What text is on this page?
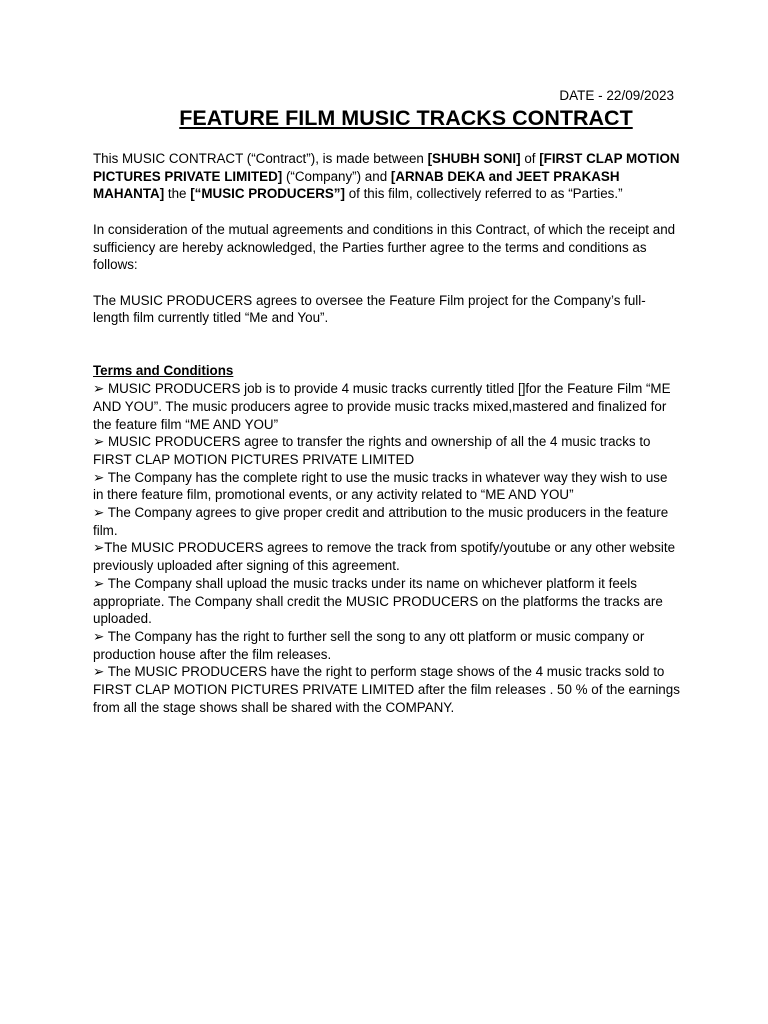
DATE - 22/09/2023
FEATURE FILM MUSIC TRACKS CONTRACT

This MUSIC CONTRACT (“Contract”), is made between [SHUBH SONI] of [FIRST CLAP MOTION PICTURES PRIVATE LIMITED] (“Company”) and [ARNAB DEKA and JEET PRAKASH MAHANTA] the [“MUSIC PRODUCERS”] of this film, collectively referred to as “Parties.”

In consideration of the mutual agreements and conditions in this Contract, of which the receipt and sufficiency are hereby acknowledged, the Parties further agree to the terms and conditions as follows:

The MUSIC PRODUCERS agrees to oversee the Feature Film project for the Company’s full-length film currently titled “Me and You”.

Terms and Conditions

➢ MUSIC PRODUCERS job is to provide 4 music tracks currently titled []for the Feature Film “ME AND YOU”. The music producers agree to provide music tracks mixed,mastered and finalized for the feature film “ME AND YOU”

➢ MUSIC PRODUCERS agree to transfer the rights and ownership of all the 4 music tracks to FIRST CLAP MOTION PICTURES PRIVATE LIMITED

➢ The Company has the complete right to use the music tracks in whatever way they wish to use in there feature film, promotional events, or any activity related to “ME AND YOU”

➢ The Company agrees to give proper credit and attribution to the music producers in the feature film.

➢The MUSIC PRODUCERS agrees to remove the track from spotify/youtube or any other website previously uploaded after signing of this agreement.

➢ The Company shall upload the music tracks under its name on whichever platform it feels appropriate. The Company shall credit the MUSIC PRODUCERS on the platforms the tracks are uploaded.

➢ The Company has the right to further sell the song to any ott platform or music company or production house after the film releases.

➢ The MUSIC PRODUCERS have the right to perform stage shows of the 4 music tracks sold to FIRST CLAP MOTION PICTURES PRIVATE LIMITED after the film releases . 50 % of the earnings from all the stage shows shall be shared with the COMPANY.
